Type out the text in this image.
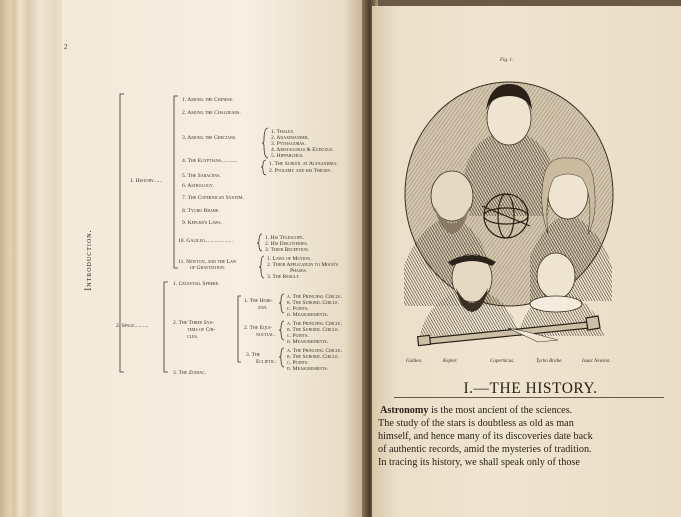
2
Introduction.
1. History......
1. Among the Chinese.
2. Among the Chaldeans.
3. Among the Grecians.
4. The Egyptians............
5. The Saracens.
6. Astrology.
7. The Copernican System.
8. Tycho Brahe.
9. Kepler's Laws.
10. Galileo....................
11. Newton, and the Law
of Gravitation.
1. Thales.
2. Anaximander.
3. Pythagoras.
4. Aristagoras & Eudoxus.
5. Hipparchus.
1. The School at Alexandria.
2. Ptolemy and his Theory.
1. His Telescope.
2. His Discoveries.
3. Their Reception.
1. Laws of Motion.
2. Their Application to Moon's
Phases.
3. The Result.
2. Space..........
1. Celestial Sphere.
2. The Three Sys-
tems of Cir-
cles.
3. The Zodiac.
1. The Hori-
zon.
a. The Principal Circle.
b. The Subord. Circle.
c. Points.
d. Measurements.
2. The Equi-
noctial.
a. The Principal Circle.
b. The Subord. Circle.
c. Points.
d. Measurements.
3. The
Ecliptic.
a. The Principal Circle.
b. The Subord. Circle.
c. Points.
d. Measurements.
Fig. 1.
Galileo.	Kepler.	Copernicus.	Tycho Brahe.	Isaac Newton.
I.—THE HISTORY.
Astronomy is the most ancient of the sciences.
The study of the stars is doubtless as old as man
himself, and hence many of its discoveries date back
of authentic records, amid the mysteries of tradition.
In tracing its history, we shall speak only of those
